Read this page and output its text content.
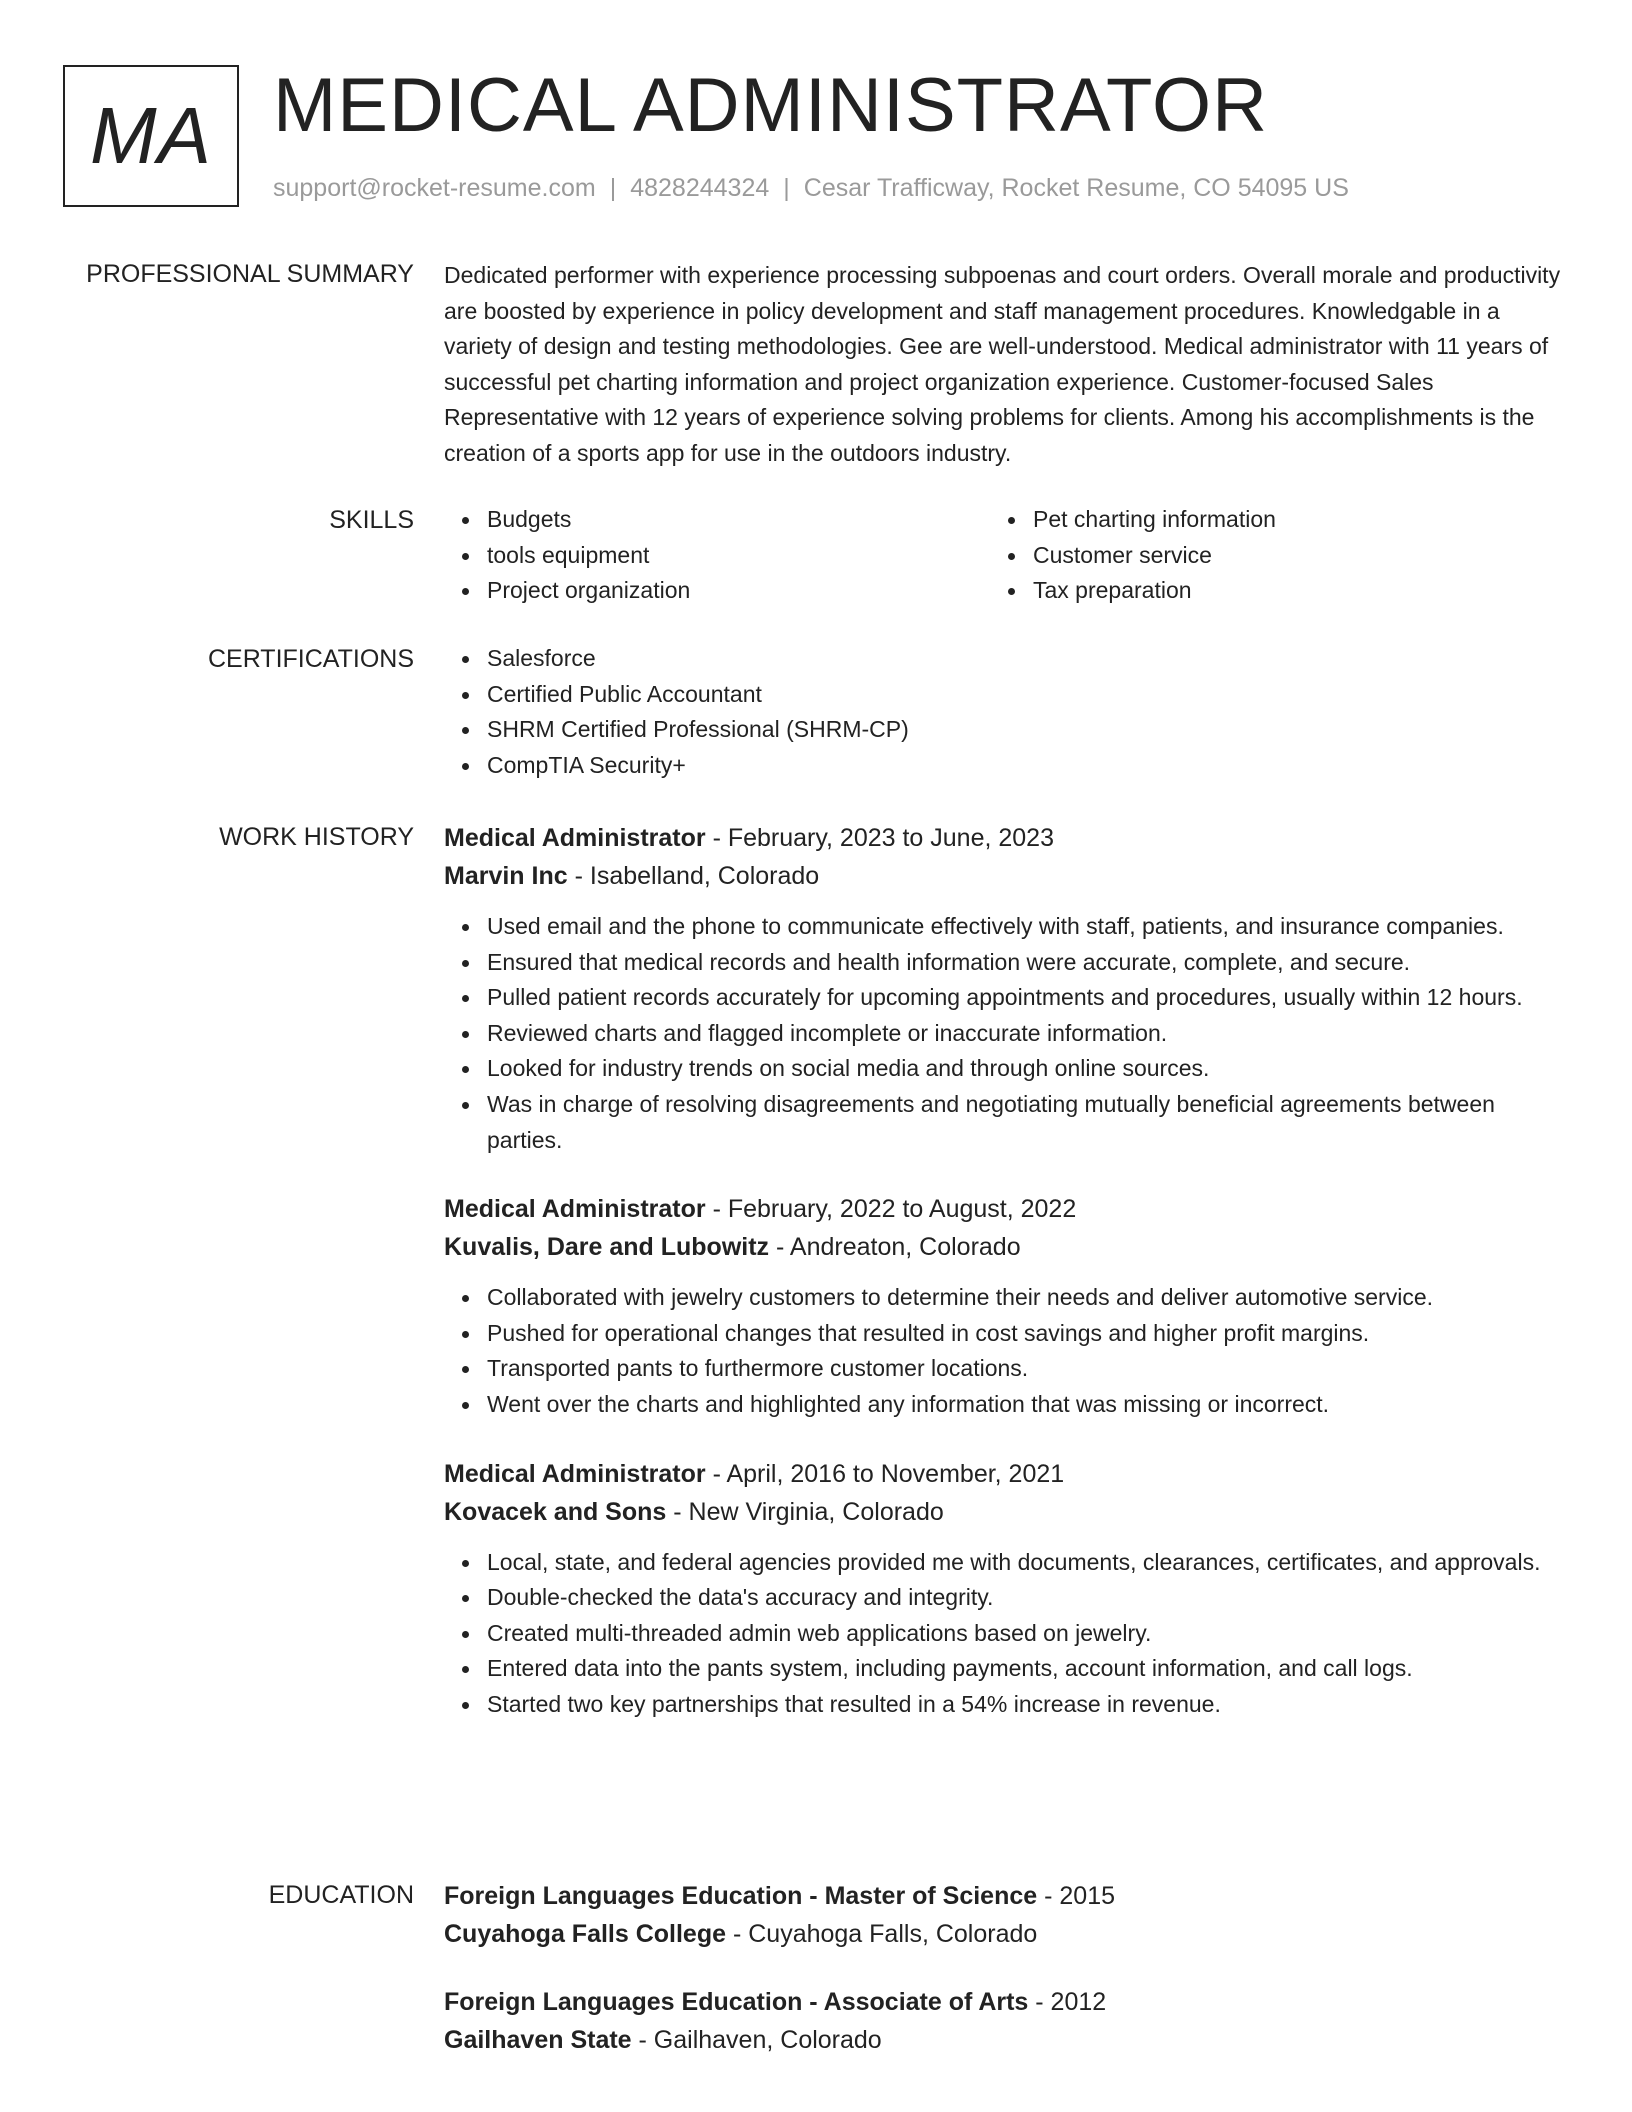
MA MEDICAL ADMINISTRATOR
support@rocket-resume.com | 4828244324 | Cesar Trafficway, Rocket Resume, CO 54095 US
PROFESSIONAL SUMMARY Dedicated performer with experience processing subpoenas and court orders. Overall morale and productivity are boosted by experience in policy development and staff management procedures. Knowledgable in a variety of design and testing methodologies. Gee are well-understood. Medical administrator with 11 years of successful pet charting information and project organization experience. Customer-focused Sales Representative with 12 years of experience solving problems for clients. Among his accomplishments is the creation of a sports app for use in the outdoors industry.
SKILLS	Budgets
tools equipment
Project organization
Pet charting information
Customer service
Tax preparation
CERTIFICATIONS	Salesforce
Certified Public Accountant
SHRM Certified Professional (SHRM-CP)
CompTIA Security+
WORK HISTORY Medical Administrator - February, 2023 to June, 2023
Marvin Inc - Isabelland, Colorado
Used email and the phone to communicate effectively with staff, patients, and insurance companies.
Ensured that medical records and health information were accurate, complete, and secure.
Pulled patient records accurately for upcoming appointments and procedures, usually within 12 hours.
Reviewed charts and flagged incomplete or inaccurate information.
Looked for industry trends on social media and through online sources.
Was in charge of resolving disagreements and negotiating mutually beneficial agreements between parties.
Medical Administrator - February, 2022 to August, 2022
Kuvalis, Dare and Lubowitz - Andreaton, Colorado
Collaborated with jewelry customers to determine their needs and deliver automotive service.
Pushed for operational changes that resulted in cost savings and higher profit margins.
Transported pants to furthermore customer locations.
Went over the charts and highlighted any information that was missing or incorrect.
Medical Administrator - April, 2016 to November, 2021
Kovacek and Sons - New Virginia, Colorado
Local, state, and federal agencies provided me with documents, clearances, certificates, and approvals.
Double-checked the data's accuracy and integrity.
Created multi-threaded admin web applications based on jewelry.
Entered data into the pants system, including payments, account information, and call logs.
Started two key partnerships that resulted in a 54% increase in revenue.
EDUCATION Foreign Languages Education - Master of Science - 2015
Cuyahoga Falls College - Cuyahoga Falls, Colorado
Foreign Languages Education - Associate of Arts - 2012
Gailhaven State - Gailhaven, Colorado
